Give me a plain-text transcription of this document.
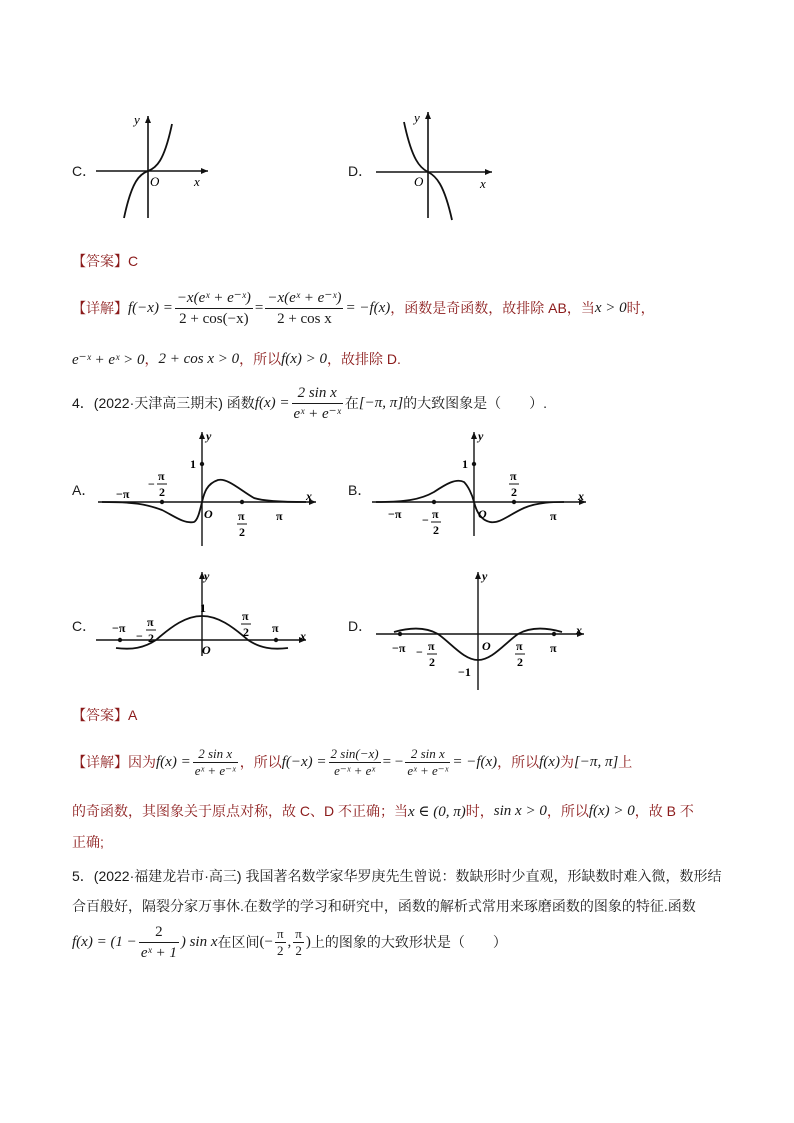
C．
y
O	x
D．
y
O	x
【答案】C
【详解】 $f(-x) = \frac{\text{−x(eˣ + e⁻ˣ)}}{2 + \cos(-x)} = \frac{\text{−x(eˣ + e⁻ˣ)}}{\text{2 + cos x}} = -f(x)$ ，函数是奇函数，故排除 AB，当 x > 0 时，
e⁻ˣ + eˣ > 0 ， 2 + cos x > 0 ，所以 f(x) > 0 ，故排除 D.
4．(2022·天津高三期末) 函数 $f(x) = \frac{\text{2 sin x}}{\text{eˣ + e⁻ˣ}}$ 在 [−π, π] 的大致图象是（　　）.
A．
y
1
−π
−
π
2
O π
2
π
x	B．
y
1
−π − π
2
O
π
2
π
x
C．
y
1
−π
−
π
2
O
π
2 π
x
D．
y
−π − π
2
O
−1
π
2
π
x
【答案】A
【详解】 因为 $f(x) = \frac{\text{2 sin x}}{\text{eˣ + e⁻ˣ}}$ ，所以 $f(-x) = \frac{2 \sin(-x)}{\text{e⁻ˣ + eˣ}}$ = − $\frac{\text{2 sin x}}{\text{eˣ + e⁻ˣ}} = -f(x)$ ，所以 f(x) 为 [−π, π] 上
的奇函数，其图象关于原点对称，故 C、D 不正确；当 x ∈ (0, π) 时， sin x > 0 ，所以 f(x) > 0 ，故 B 不
正确;
5．(2022·福建龙岩市·高三) 我国著名数学家华罗庚先生曾说：数缺形时少直观，形缺数时难入微，数形结
合百般好，隔裂分家万事休.在数学的学习和研究中，函数的解析式常用来琢磨函数的图象的特征.函数
$f(x) = (1 - \frac{2}{\text{eˣ + 1}}$ ) sin x 在区间 (− $\frac{\pi}{2}$ , $\frac{\pi}{2}$ ) 上的图象的大致形状是（　　）
